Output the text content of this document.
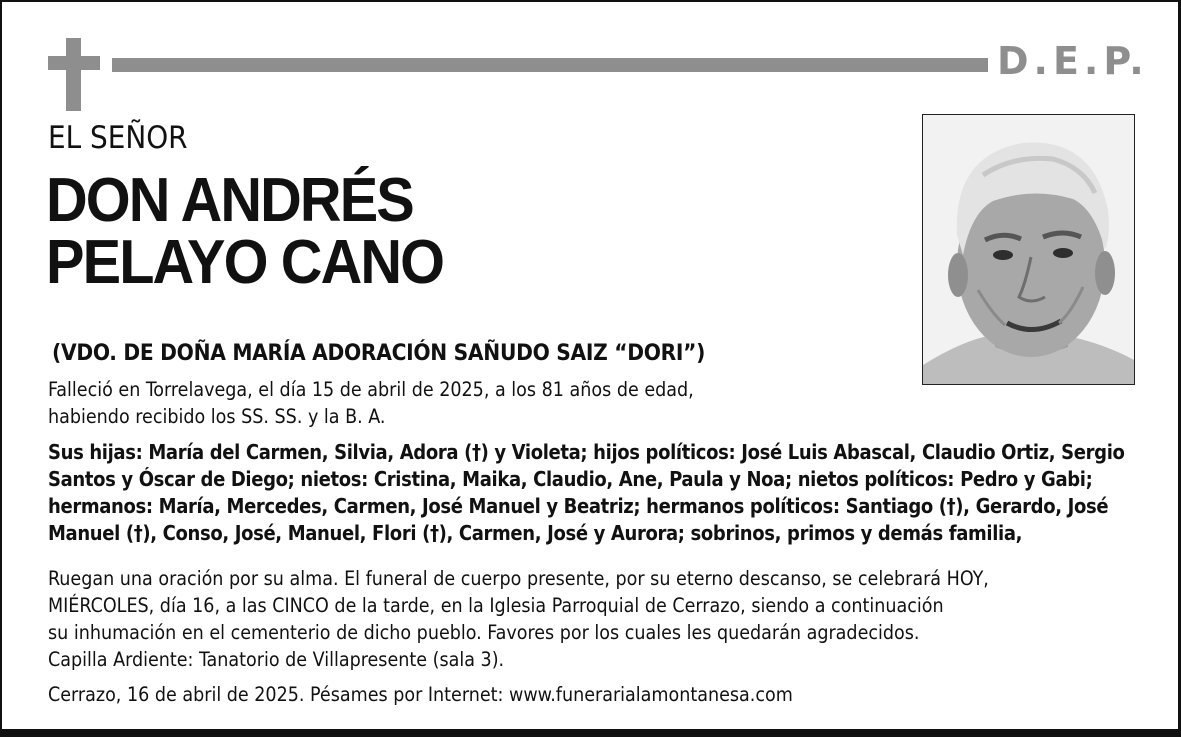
D.E.P.
EL SEÑOR
DON ANDRÉS
PELAYO CANO
(VDO. DE DOÑA MARÍA ADORACIÓN SAÑUDO SAIZ “DORI”)
Falleció en Torrelavega, el día 15 de abril de 2025, a los 81 años de edad,
habiendo recibido los SS. SS. y la B. A.
Sus hijas: María del Carmen, Silvia, Adora (†) y Violeta; hijos políticos: José Luis Abascal, Claudio Ortiz, Sergio
Santos y Óscar de Diego; nietos: Cristina, Maika, Claudio, Ane, Paula y Noa; nietos políticos: Pedro y Gabi;
hermanos: María, Mercedes, Carmen, José Manuel y Beatriz; hermanos políticos: Santiago (†), Gerardo, José
Manuel (†), Conso, José, Manuel, Flori (†), Carmen, José y Aurora; sobrinos, primos y demás familia,
Ruegan una oración por su alma. El funeral de cuerpo presente, por su eterno descanso, se celebrará HOY,
MIÉRCOLES, día 16, a las CINCO de la tarde, en la Iglesia Parroquial de Cerrazo, siendo a continuación
su inhumación en el cementerio de dicho pueblo. Favores por los cuales les quedarán agradecidos.
Capilla Ardiente: Tanatorio de Villapresente (sala 3).
Cerrazo, 16 de abril de 2025. Pésames por Internet: www.funerarialamontanesa.com
